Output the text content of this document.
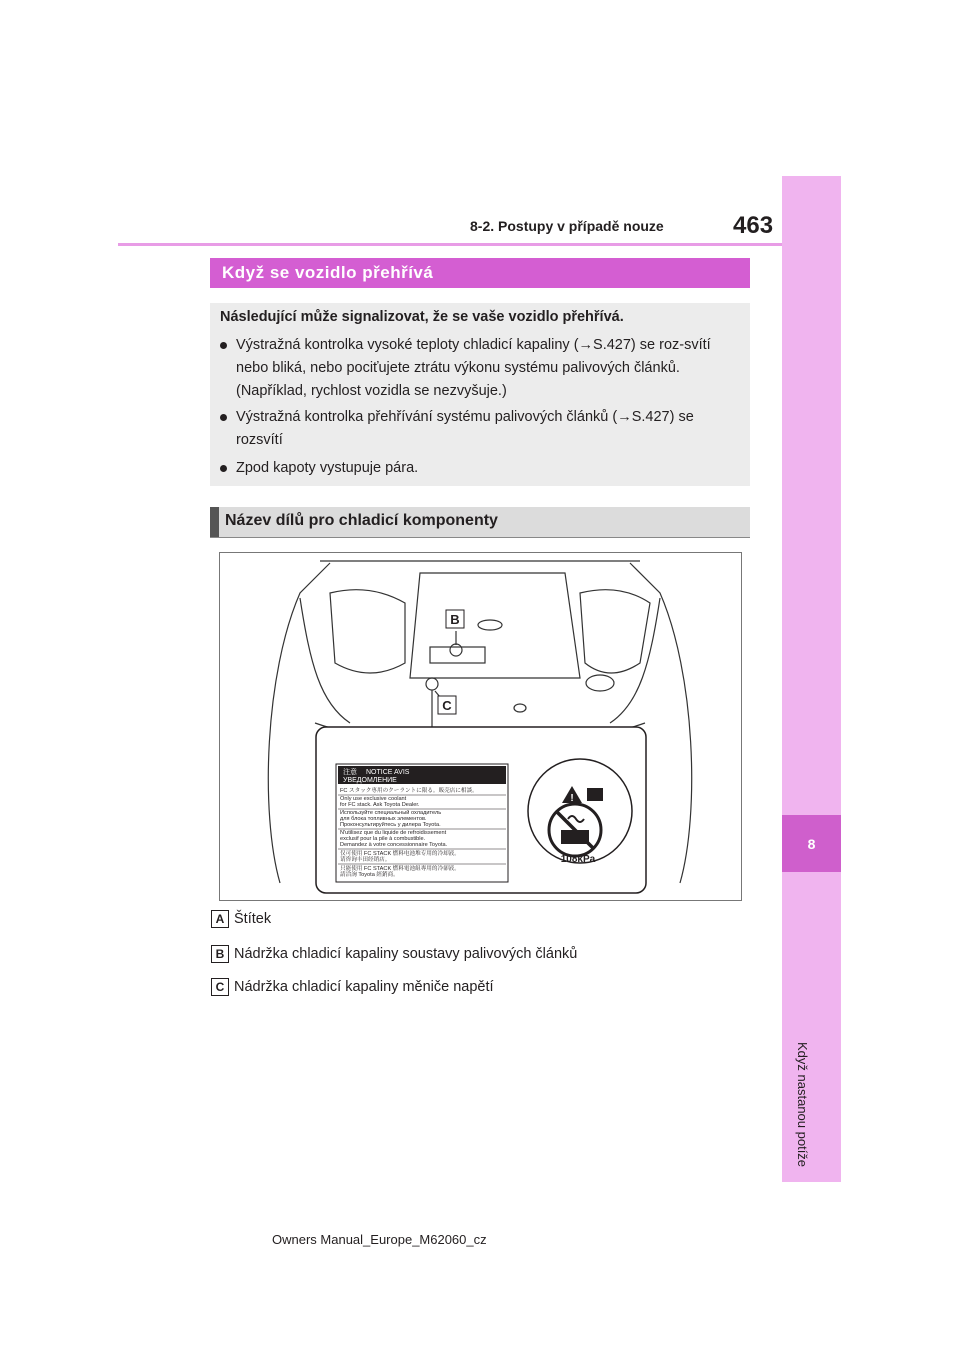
8-2. Postupy v případě nouze	463
8
Když nastanou potíže
Když se vozidlo přehřívá
Následující může signalizovat, že se vaše vozidlo přehřívá.
Výstražná kontrolka vysoké teploty chladicí kapaliny (→S.427) se roz-svítí nebo bliká, nebo pociťujete ztrátu výkonu systému palivových článků. (Například, rychlost vozidla se nezvyšuje.)
Výstražná kontrolka přehřívání systému palivových článků (→S.427) se rozsvítí
Zpod kapoty vystupuje pára.
Název dílů pro chladicí komponenty
B
C
注意 NOTICE AVIS
УВЕДОМЛЕНИЕ
FC スタック専用のクーラントに限る。販売店に相談。
Only use exclusive coolant
for FC stack. Ask Toyota Dealer.
Используйте специальный охладитель
для блока топливных элементов.
Проконсультируйтесь у дилера Toyota.
N'utilisez que du liquide de refroidissement
exclusif pour la pile à combustible.
Demandez à votre concessionnaire Toyota.
仅可使用 FC STACK 燃料电池堆专用的冷却液。
请咨询丰田经销店。
只能使用 FC STACK 燃料電池組專用的冷卻液。
請洽詢 Toyota 經銷商。
!
108kPa
A Štítek
B Nádržka chladicí kapaliny soustavy palivových článků
C Nádržka chladicí kapaliny měniče napětí
Owners Manual_Europe_M62060_cz
